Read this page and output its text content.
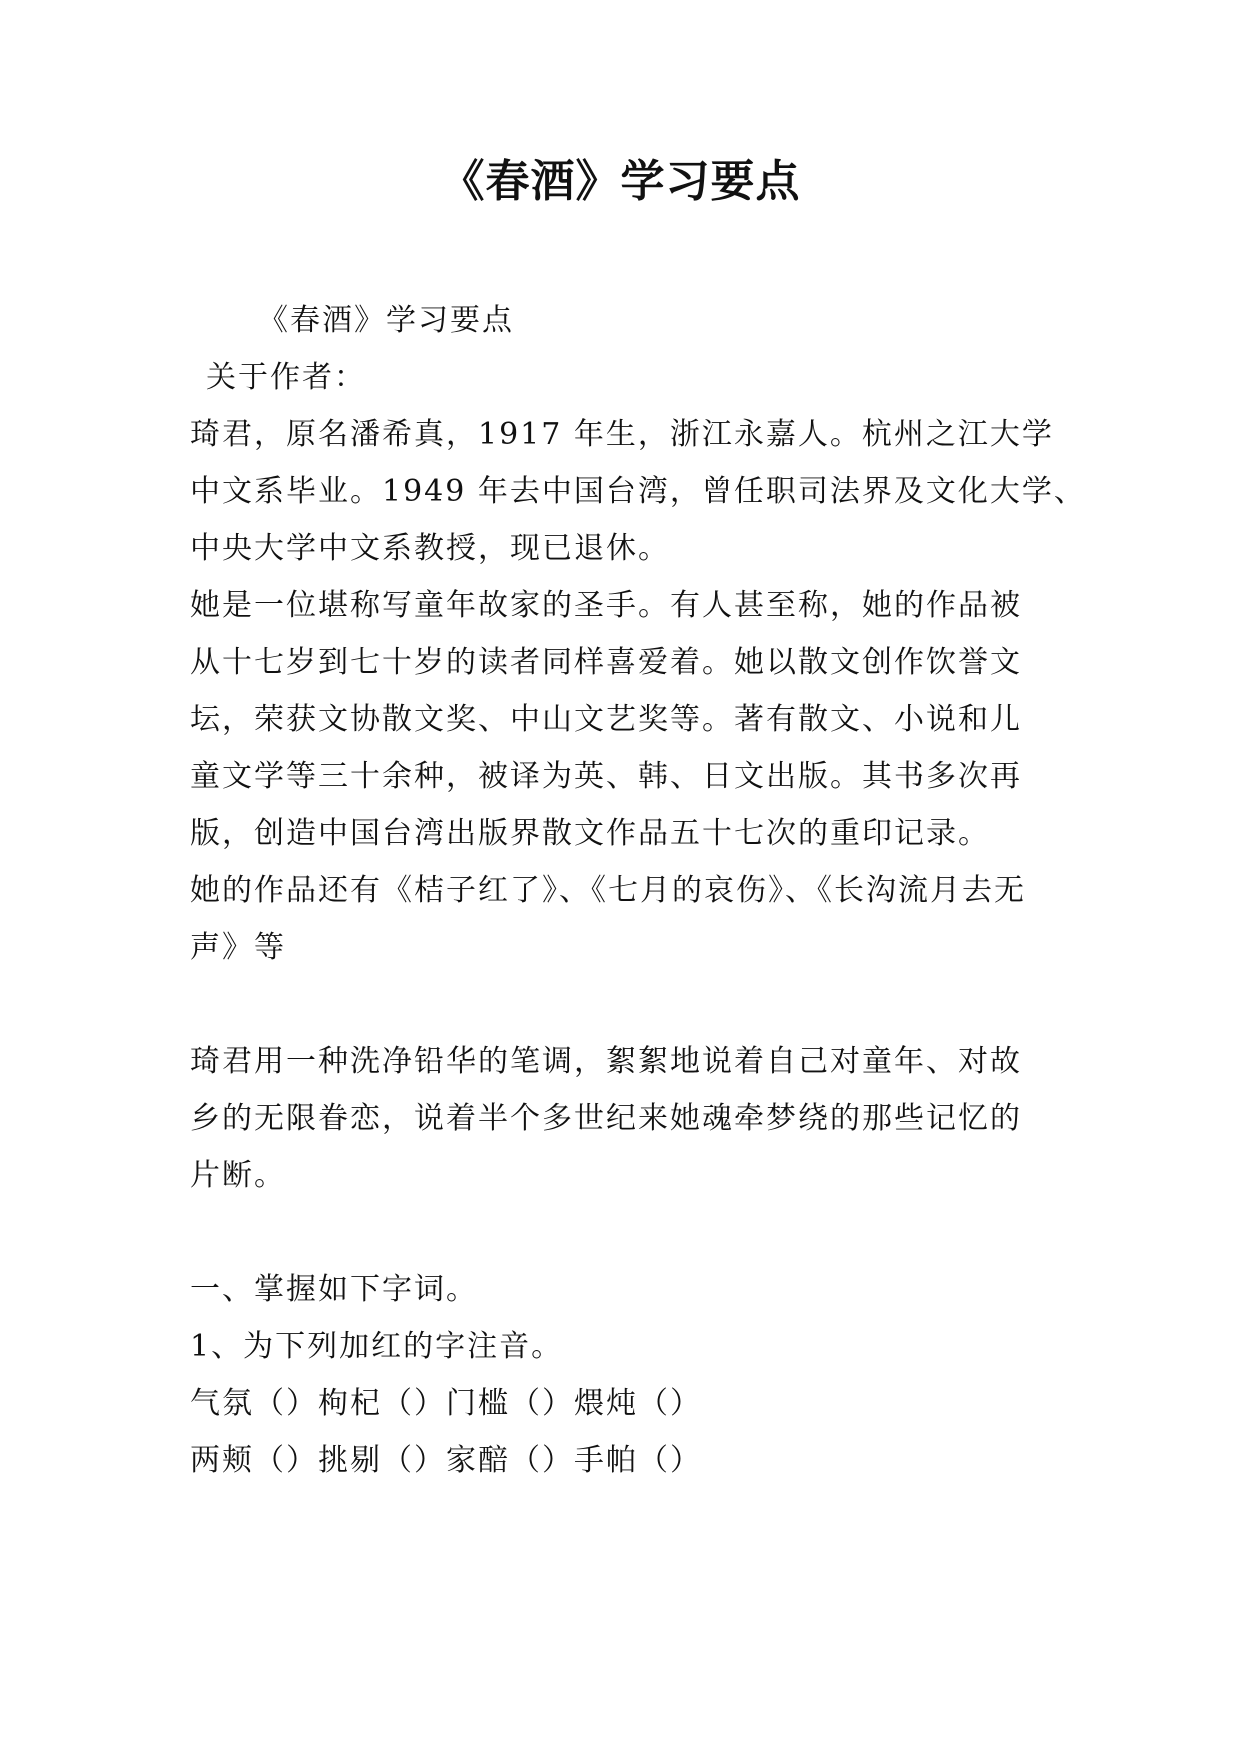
《春酒》学习要点
《春酒》学习要点
关于作者：
琦君，原名潘希真，1917 年生，浙江永嘉人。杭州之江大学
中文系毕业。1949 年去中国台湾，曾任职司法界及文化大学、
中央大学中文系教授，现已退休。
她是一位堪称写童年故家的圣手。有人甚至称，她的作品被
从十七岁到七十岁的读者同样喜爱着。她以散文创作饮誉文
坛，荣获文协散文奖、中山文艺奖等。著有散文、小说和儿
童文学等三十余种，被译为英、韩、日文出版。其书多次再
版，创造中国台湾出版界散文作品五十七次的重印记录。
她的作品还有《桔子红了》、《七月的哀伤》、《长沟流月去无
声》等
琦君用一种洗净铅华的笔调，絮絮地说着自己对童年、对故
乡的无限眷恋，说着半个多世纪来她魂牵梦绕的那些记忆的
片断。
一、掌握如下字词。
1、为下列加红的字注音。
气氛（）枸杞（）门槛（）煨炖（）
两颊（）挑剔（）家醅（）手帕（）
